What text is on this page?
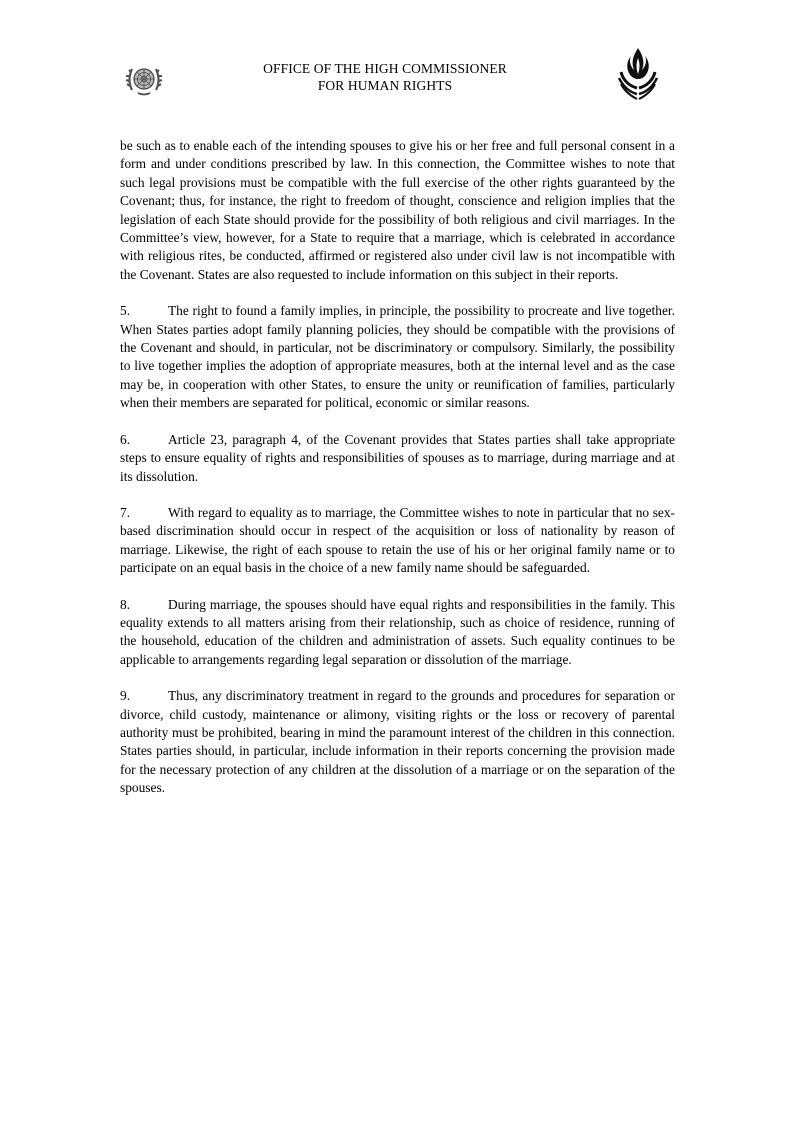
OFFICE OF THE HIGH COMMISSIONER
FOR HUMAN RIGHTS

be such as to enable each of the intending spouses to give his or her free and full personal consent in a form and under conditions prescribed by law. In this connection, the Committee wishes to note that such legal provisions must be compatible with the full exercise of the other rights guaranteed by the Covenant; thus, for instance, the right to freedom of thought, conscience and religion implies that the legislation of each State should provide for the possibility of both religious and civil marriages. In the Committee’s view, however, for a State to require that a marriage, which is celebrated in accordance with religious rites, be conducted, affirmed or registered also under civil law is not incompatible with the Covenant. States are also requested to include information on this subject in their reports.

5.	The right to found a family implies, in principle, the possibility to procreate and live together. When States parties adopt family planning policies, they should be compatible with the provisions of the Covenant and should, in particular, not be discriminatory or compulsory. Similarly, the possibility to live together implies the adoption of appropriate measures, both at the internal level and as the case may be, in cooperation with other States, to ensure the unity or reunification of families, particularly when their members are separated for political, economic or similar reasons.

6.	Article 23, paragraph 4, of the Covenant provides that States parties shall take appropriate steps to ensure equality of rights and responsibilities of spouses as to marriage, during marriage and at its dissolution.

7.	With regard to equality as to marriage, the Committee wishes to note in particular that no sex-based discrimination should occur in respect of the acquisition or loss of nationality by reason of marriage. Likewise, the right of each spouse to retain the use of his or her original family name or to participate on an equal basis in the choice of a new family name should be safeguarded.

8.	During marriage, the spouses should have equal rights and responsibilities in the family. This equality extends to all matters arising from their relationship, such as choice of residence, running of the household, education of the children and administration of assets. Such equality continues to be applicable to arrangements regarding legal separation or dissolution of the marriage.

9.	Thus, any discriminatory treatment in regard to the grounds and procedures for separation or divorce, child custody, maintenance or alimony, visiting rights or the loss or recovery of parental authority must be prohibited, bearing in mind the paramount interest of the children in this connection. States parties should, in particular, include information in their reports concerning the provision made for the necessary protection of any children at the dissolution of a marriage or on the separation of the spouses.
